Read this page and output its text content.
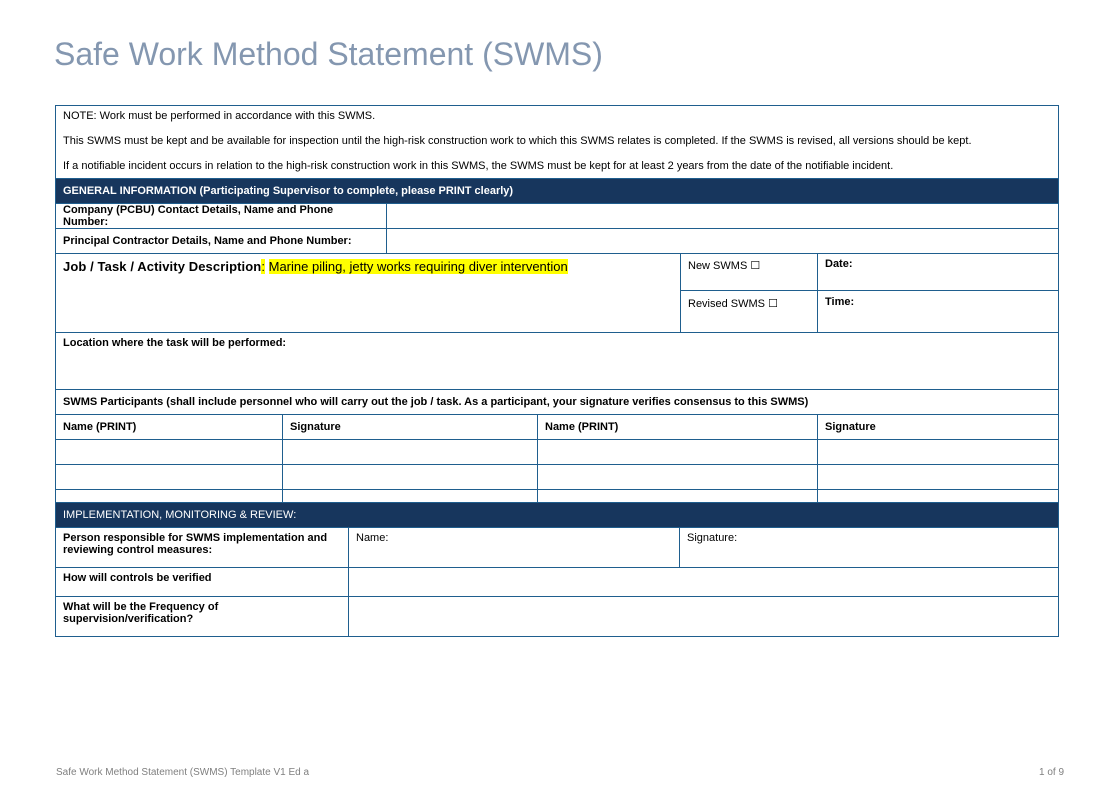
Safe Work Method Statement (SWMS)
NOTE: Work must be performed in accordance with this SWMS.					
This SWMS must be kept and be available for inspection until the high-risk construction work to which this SWMS relates is completed. If the SWMS is revised, all versions should be kept.					
If a notifiable incident occurs in relation to the high-risk construction work in this SWMS, the SWMS must be kept for at least 2 years from the date of the notifiable incident.					
GENERAL INFORMATION (Participating Supervisor to complete, please PRINT clearly)					
Company (PCBU) Contact Details, Name and Phone Number:					
Principal Contractor Details, Name and Phone Number:					
Job / Task / Activity Description: Marine piling, jetty works requiring diver intervention				New SWMS ☐	Date:
				Revised SWMS ☐	Time:
Location where the task will be performed:					
SWMS Participants (shall include personnel who will carry out the job / task. As a participant, your signature verifies consensus to this SWMS)					
Name (PRINT)	Signature		Name (PRINT)		Signature

IMPLEMENTATION, MONITORING & REVIEW:		
Person responsible for SWMS implementation and reviewing control measures:	Name:	Signature:
How will controls be verified		
What will be the Frequency of supervision/verification?		
Safe Work Method Statement (SWMS) Template V1 Ed a	1 of 9
